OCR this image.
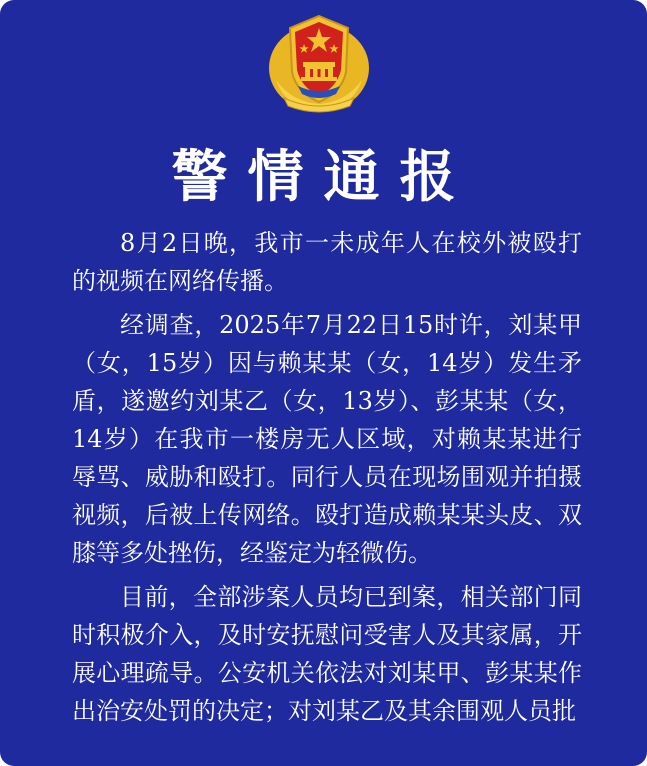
警情通报

8月2日晚，我市一未成年人在校外被殴打的视频在网络传播。

经调查，2025年7月22日15时许，刘某甲（女，15岁）因与赖某某（女，14岁）发生矛盾，遂邀约刘某乙（女，13岁）、彭某某（女，14岁）在我市一楼房无人区域，对赖某某进行辱骂、威胁和殴打。同行人员在现场围观并拍摄视频，后被上传网络。殴打造成赖某某头皮、双膝等多处挫伤，经鉴定为轻微伤。

目前，全部涉案人员均已到案，相关部门同时积极介入，及时安抚慰问受害人及其家属，开展心理疏导。公安机关依法对刘某甲、彭某某作出治安处罚的决定；对刘某乙及其余围观人员批
